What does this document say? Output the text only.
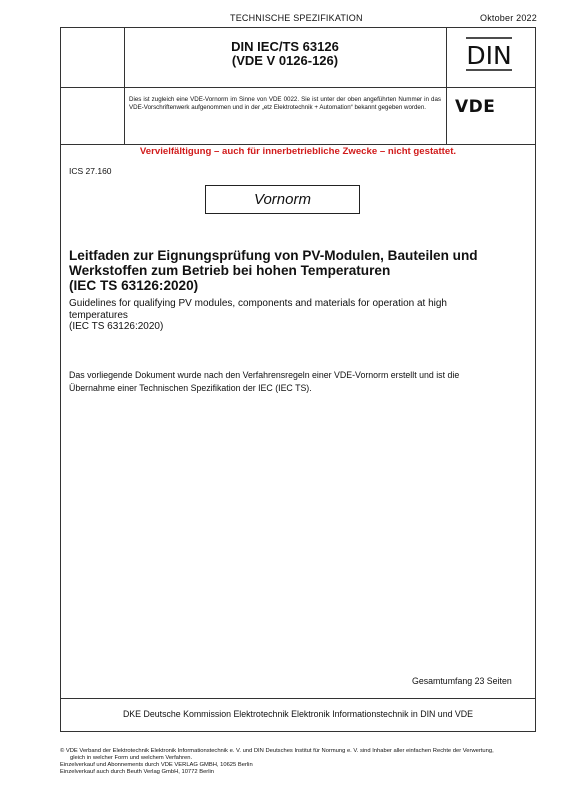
TECHNISCHE SPEZIFIKATION	Oktober 2022
DIN IEC/TS 63126
(VDE V 0126-126)	DIN
Dies ist zugleich eine VDE-Vornorm im Sinne von VDE 0022. Sie ist unter der oben angeführten Nummer in das VDE-Vorschriftenwerk aufgenommen und in der „etz Elektrotechnik + Automation“ bekannt gegeben worden.	VDE
Vervielfältigung – auch für innerbetriebliche Zwecke – nicht gestattet.
ICS 27.160
Vornorm
Leitfaden zur Eignungsprüfung von PV-Modulen, Bauteilen und
Werkstoffen zum Betrieb bei hohen Temperaturen
(IEC TS 63126:2020)
Guidelines for qualifying PV modules, components and materials for operation at high
temperatures
(IEC TS 63126:2020)
Das vorliegende Dokument wurde nach den Verfahrensregeln einer VDE-Vornorm erstellt und ist die
Übernahme einer Technischen Spezifikation der IEC (IEC TS).
Gesamtumfang 23 Seiten
DKE Deutsche Kommission Elektrotechnik Elektronik Informationstechnik in DIN und VDE
© VDE Verband der Elektrotechnik Elektronik Informationstechnik e. V. und DIN Deutsches Institut für Normung e. V. sind Inhaber aller einfachen Rechte der Verwertung,
gleich in welcher Form und welchem Verfahren.
Einzelverkauf und Abonnements durch VDE VERLAG GMBH, 10625 Berlin
Einzelverkauf auch durch Beuth Verlag GmbH, 10772 Berlin
